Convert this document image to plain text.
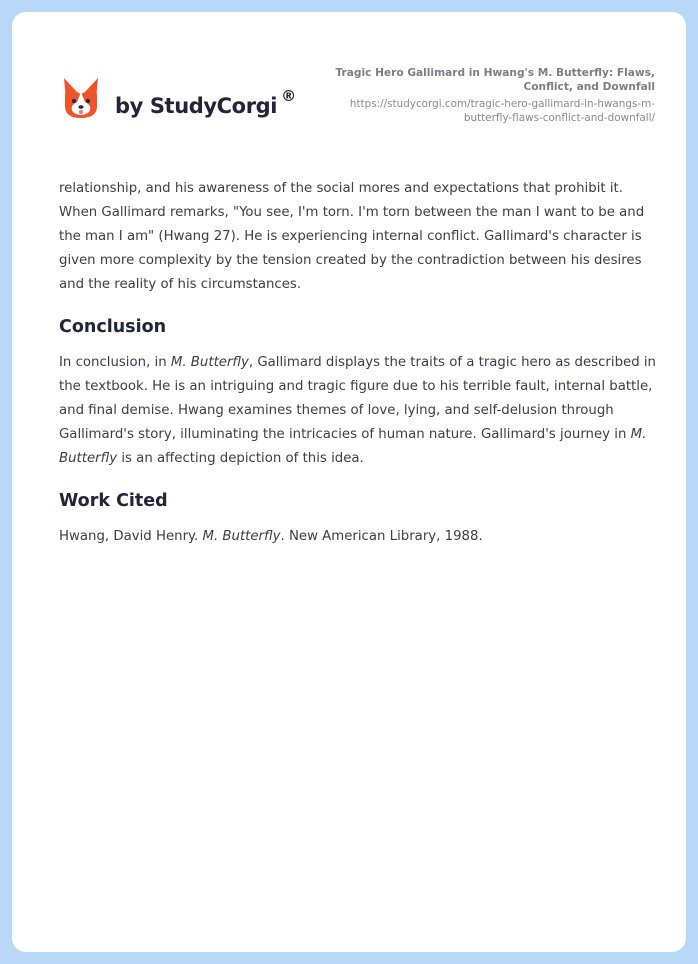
by StudyCorgi ®
Tragic Hero Gallimard in Hwang's M. Butterfly: Flaws, Conflict, and Downfall
https://studycorgi.com/tragic-hero-gallimard-in-hwangs-m-butterfly-flaws-conflict-and-downfall/

relationship, and his awareness of the social mores and expectations that prohibit it. When Gallimard remarks, "You see, I'm torn. I'm torn between the man I want to be and the man I am" (Hwang 27). He is experiencing internal conflict. Gallimard's character is given more complexity by the tension created by the contradiction between his desires and the reality of his circumstances.

Conclusion

In conclusion, in M. Butterfly, Gallimard displays the traits of a tragic hero as described in the textbook. He is an intriguing and tragic figure due to his terrible fault, internal battle, and final demise. Hwang examines themes of love, lying, and self-delusion through Gallimard's story, illuminating the intricacies of human nature. Gallimard's journey in M. Butterfly is an affecting depiction of this idea.

Work Cited

Hwang, David Henry. M. Butterfly. New American Library, 1988.
